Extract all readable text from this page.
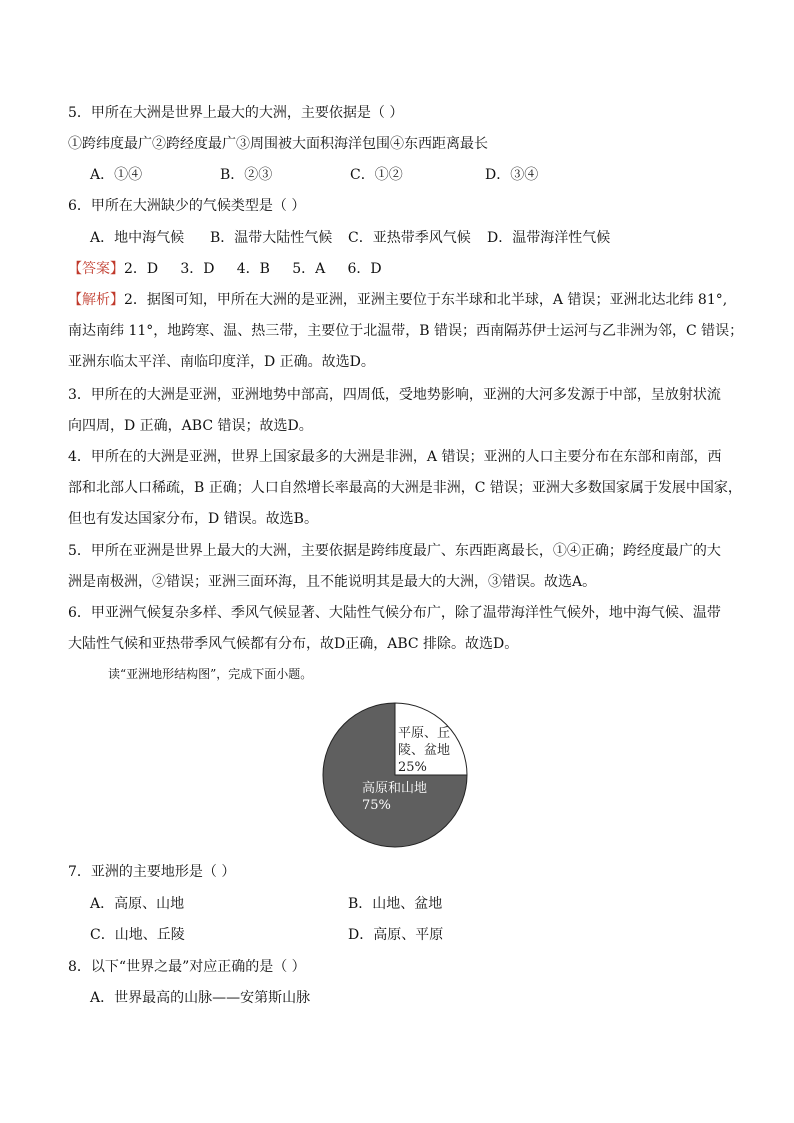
5．甲所在大洲是世界上最大的大洲，主要依据是（ ）
①跨纬度最广②跨经度最广③周围被大面积海洋包围④东西距离最长
A．①④	B．②③	C．①②	D．③④
6．甲所在大洲缺少的气候类型是（ ）
A．地中海气候 B．温带大陆性气候 C．亚热带季风气候 D．温带海洋性气候
【答案】2．D     3．D     4．B     5．A     6．D
【解析】2．据图可知，甲所在大洲的是亚洲，亚洲主要位于东半球和北半球，A 错误；亚洲北达北纬 81°,
南达南纬 11°，地跨寒、温、热三带，主要位于北温带，B 错误；西南隔苏伊士运河与乙非洲为邻，C 错误；
亚洲东临太平洋、南临印度洋，D 正确。故选D。
3．甲所在的大洲是亚洲，亚洲地势中部高，四周低，受地势影响，亚洲的大河多发源于中部，呈放射状流
向四周，D 正确，ABC 错误；故选D。
4．甲所在的大洲是亚洲，世界上国家最多的大洲是非洲，A 错误；亚洲的人口主要分布在东部和南部，西
部和北部人口稀疏，B 正确；人口自然增长率最高的大洲是非洲，C 错误；亚洲大多数国家属于发展中国家，
但也有发达国家分布，D 错误。故选B。
5．甲所在亚洲是世界上最大的大洲，主要依据是跨纬度最广、东西距离最长，①④正确；跨经度最广的大
洲是南极洲，②错误；亚洲三面环海，且不能说明其是最大的大洲，③错误。故选A。
6．甲亚洲气候复杂多样、季风气候显著、大陆性气候分布广，除了温带海洋性气候外，地中海气候、温带
大陆性气候和亚热带季风气候都有分布，故D正确，ABC 排除。故选D。
读“亚洲地形结构图”，完成下面小题。
平原、丘
陵、盆地
25%
高原和山地
75%
7．亚洲的主要地形是（ ）
A．高原、山地	B．山地、盆地
C．山地、丘陵	D．高原、平原
8．以下“世界之最”对应正确的是（ ）
A．世界最高的山脉——安第斯山脉
